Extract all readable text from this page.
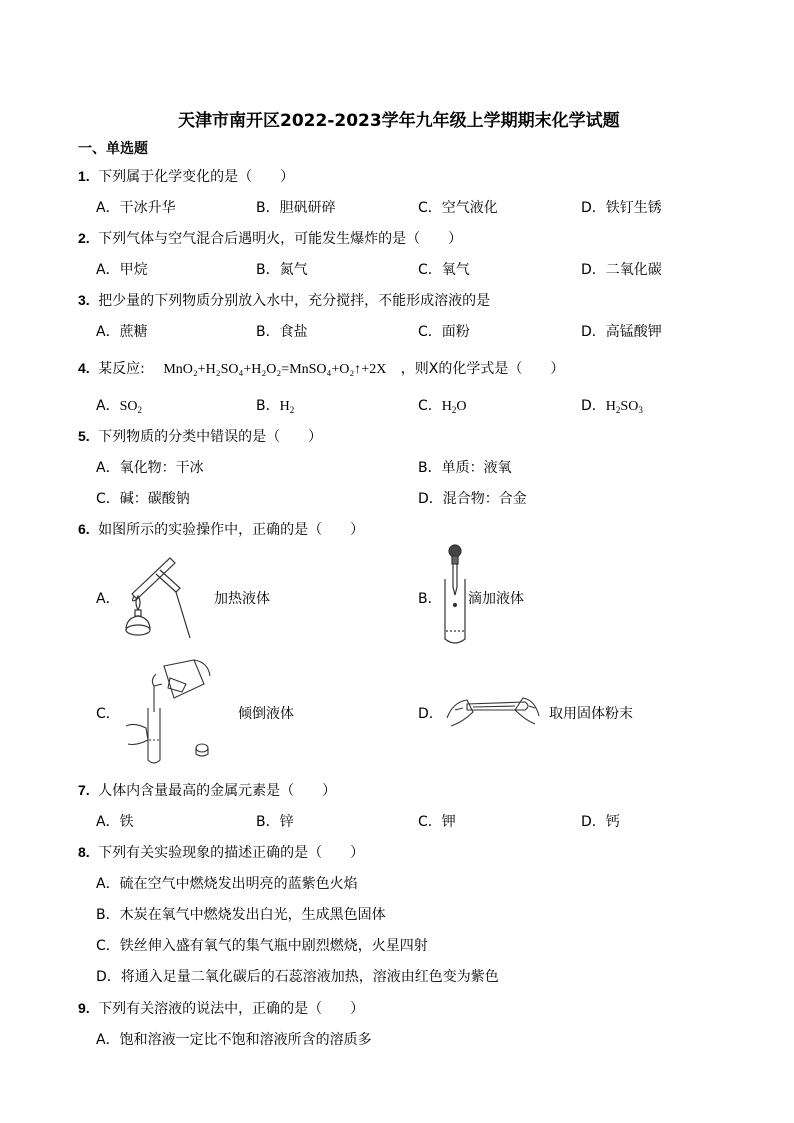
天津市南开区2022-2023学年九年级上学期期末化学试题
一、单选题
1. 下列属于化学变化的是（　　）
A．干冰升华	B．胆矾研碎	C．空气液化	D．铁钉生锈
2. 下列气体与空气混合后遇明火，可能发生爆炸的是（　　）
A．甲烷	B．氮气	C．氧气	D．二氧化碳
3. 把少量的下列物质分别放入水中，充分搅拌，不能形成溶液的是
A．蔗糖	B．食盐	C．面粉	D．高锰酸钾
4. 某反应: MnO₂+H₂SO₄+H₂O₂=MnSO₄+O₂↑+2X ，则X的化学式是（　　）
A．$SO_2$	B．$H_2$	C．$H_2O$	D．$H_2SO_3$
5. 下列物质的分类中错误的是（　　）
A．氧化物：干冰	B．单质：液氧
C．碱：碳酸钠	D．混合物：合金
6. 如图所示的实验操作中，正确的是（　　）
A．	加热液体	B． 滴加液体
C．	倾倒液体	D．	取用固体粉末
7. 人体内含量最高的金属元素是（　　）
A．铁	B．锌	C．钾	D．钙
8. 下列有关实验现象的描述正确的是（　　）
A．硫在空气中燃烧发出明亮的蓝紫色火焰
B．木炭在氧气中燃烧发出白光，生成黑色固体
C．铁丝伸入盛有氧气的集气瓶中剧烈燃烧，火星四射
D．将通入足量二氧化碳后的石蕊溶液加热，溶液由红色变为紫色
9. 下列有关溶液的说法中，正确的是（　　）
A．饱和溶液一定比不饱和溶液所含的溶质多
